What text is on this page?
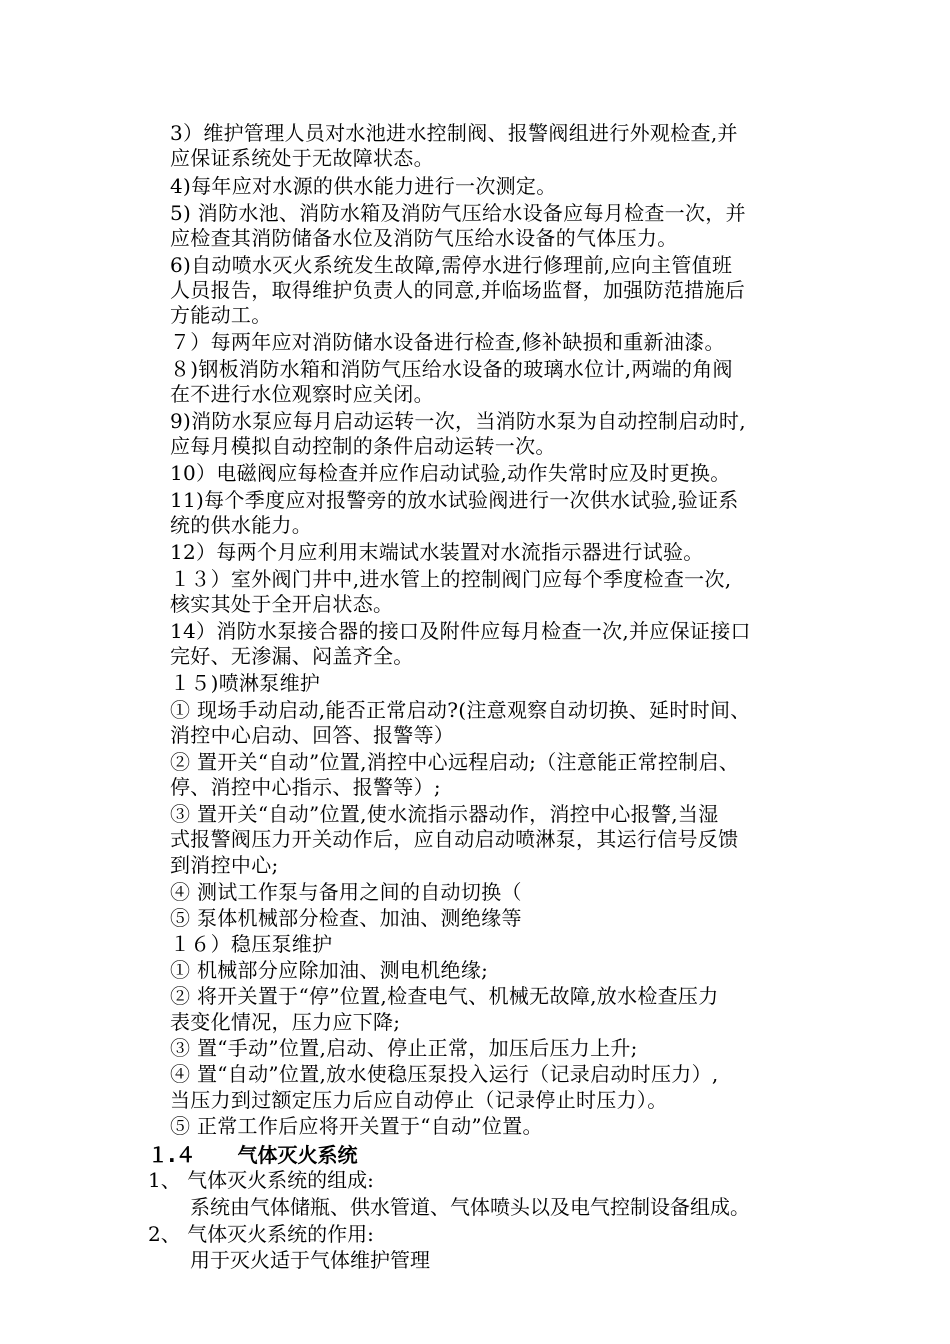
3）维护管理人员对水池进水控制阀、报警阀组进行外观检查,并
应保证系统处于无故障状态。
4)每年应对水源的供水能力进行一次测定。
5) 消防水池、消防水箱及消防气压给水设备应每月检查一次，并
应检查其消防储备水位及消防气压给水设备的气体压力。
6)自动喷水灭火系统发生故障,需停水进行修理前,应向主管值班
人员报告，取得维护负责人的同意,并临场监督，加强防范措施后
方能动工。
７）每两年应对消防储水设备进行检查,修补缺损和重新油漆。
８)钢板消防水箱和消防气压给水设备的玻璃水位计,两端的角阀
在不进行水位观察时应关闭。
9)消防水泵应每月启动运转一次，当消防水泵为自动控制启动时,
应每月模拟自动控制的条件启动运转一次。
10）电磁阀应每检查并应作启动试验,动作失常时应及时更换。
11)每个季度应对报警旁的放水试验阀进行一次供水试验,验证系
统的供水能力。
12）每两个月应利用末端试水装置对水流指示器进行试验。
１３）室外阀门井中,进水管上的控制阀门应每个季度检查一次,
核实其处于全开启状态。
14）消防水泵接合器的接口及附件应每月检查一次,并应保证接口
完好、无渗漏、闷盖齐全。
１５)喷淋泵维护
① 现场手动启动,能否正常启动?(注意观察自动切换、延时时间、
消控中心启动、回答、报警等）
② 置开关“自动”位置,消控中心远程启动;（注意能正常控制启、
停、消控中心指示、报警等）;
③ 置开关“自动”位置,使水流指示器动作，消控中心报警,当湿
式报警阀压力开关动作后，应自动启动喷淋泵，其运行信号反馈
到消控中心;
④ 测试工作泵与备用之间的自动切换（
⑤ 泵体机械部分检查、加油、测绝缘等
１６）稳压泵维护
① 机械部分应除加油、测电机绝缘;
② 将开关置于“停”位置,检查电气、机械无故障,放水检查压力
表变化情况，压力应下降;
③ 置“手动”位置,启动、停止正常，加压后压力上升;
④ 置“自动”位置,放水使稳压泵投入运行（记录启动时压力）,
当压力到过额定压力后应自动停止（记录停止时压力）。
⑤ 正常工作后应将开关置于“自动”位置。
１.４ 气体灭火系统
1、 气体灭火系统的组成:
系统由气体储瓶、供水管道、气体喷头以及电气控制设备组成。
2、 气体灭火系统的作用:
用于灭火适于气体维护管理
